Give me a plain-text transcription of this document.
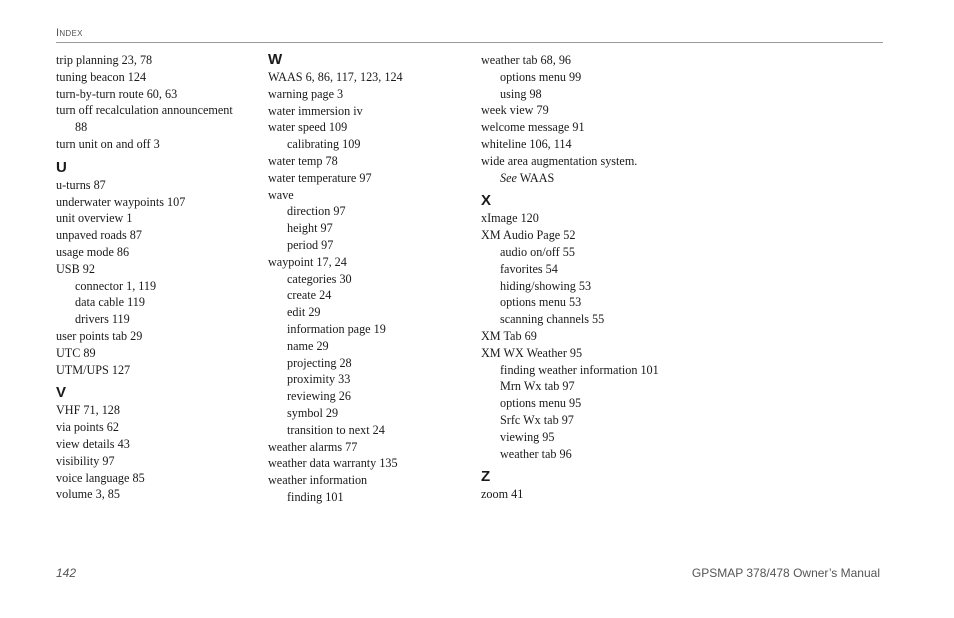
Index
trip planning 23, 78
tuning beacon 124
turn-by-turn route 60, 63
turn off recalculation announcement
88
turn unit on and off 3
U
u-turns 87
underwater waypoints 107
unit overview 1
unpaved roads 87
usage mode 86
USB 92
connector 1, 119
data cable 119
drivers 119
user points tab 29
UTC 89
UTM/UPS 127
V
VHF 71, 128
via points 62
view details 43
visibility 97
voice language 85
volume 3, 85
W
WAAS 6, 86, 117, 123, 124
warning page 3
water immersion iv
water speed 109
calibrating 109
water temp 78
water temperature 97
wave
direction 97
height 97
period 97
waypoint 17, 24
categories 30
create 24
edit 29
information page 19
name 29
projecting 28
proximity 33
reviewing 26
symbol 29
transition to next 24
weather alarms 77
weather data warranty 135
weather information
finding 101
weather tab 68, 96
options menu 99
using 98
week view 79
welcome message 91
whiteline 106, 114
wide area augmentation system.
See WAAS
X
xImage 120
XM Audio Page 52
audio on/off 55
favorites 54
hiding/showing 53
options menu 53
scanning channels 55
XM Tab 69
XM WX Weather 95
finding weather information 101
Mrn Wx tab 97
options menu 95
Srfc Wx tab 97
viewing 95
weather tab 96
Z
zoom 41
142	GPSMAP 378/478 Owner’s Manual
